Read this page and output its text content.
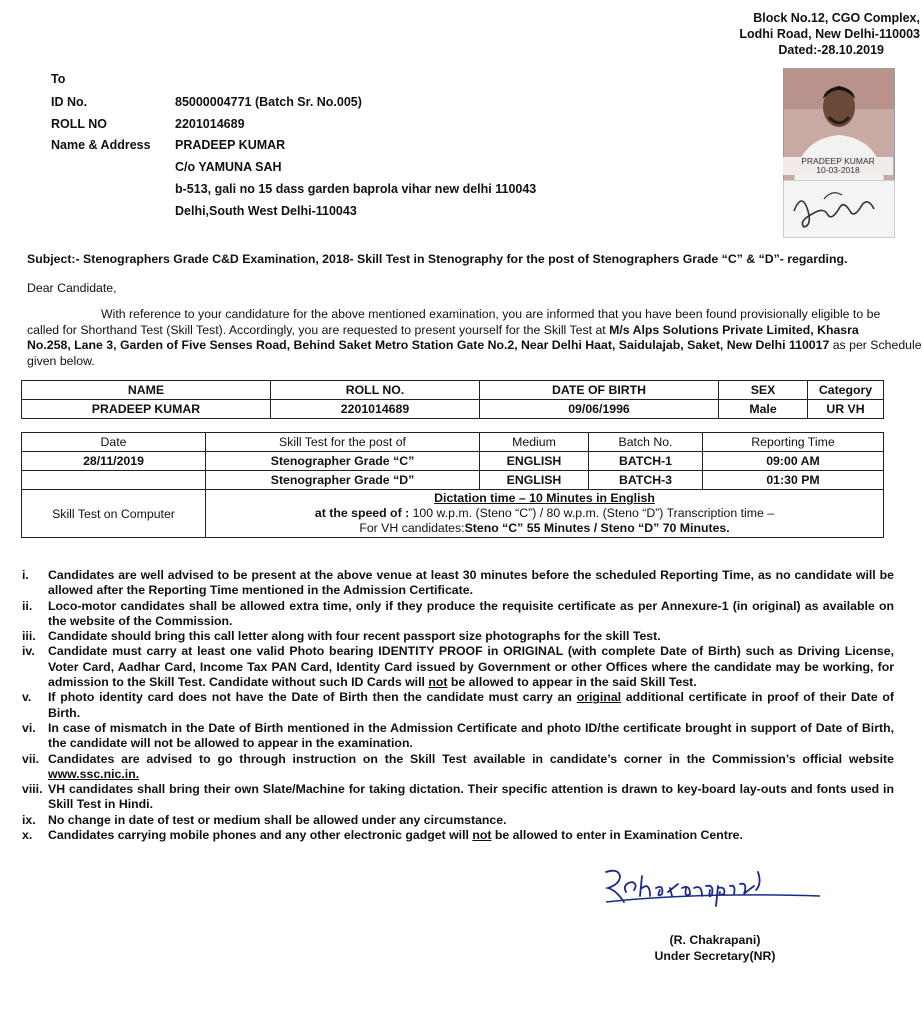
Block No.12, CGO Complex,
Lodhi Road, New Delhi-110003
Dated:-28.10.2019
To
ID No.	85000004771 (Batch Sr. No.005)
ROLL NO	2201014689
Name & Address PRADEEP KUMAR
C/o YAMUNA SAH
b-513, gali no 15 dass garden baprola vihar new delhi 110043
Delhi,South West Delhi-110043
PRADEEP KUMAR
10-03-2018
Subject:- Stenographers Grade C&D Examination, 2018- Skill Test in Stenography for the post of Stenographers Grade “C” & “D”- regarding.
Dear Candidate,
With reference to your candidature for the above mentioned examination, you are informed that you have been found provisionally eligible to be
called for Shorthand Test (Skill Test). Accordingly, you are requested to present yourself for the Skill Test at M/s Alps Solutions Private Limited, Khasra
No.258, Lane 3, Garden of Five Senses Road, Behind Saket Metro Station Gate No.2, Near Delhi Haat, Saidulajab, Saket, New Delhi 110017 as per Schedule
given below.
NAME	ROLL NO.	DATE OF BIRTH	SEX	Category
PRADEEP KUMAR	2201014689	09/06/1996	Male	UR VH
Date	Skill Test for the post of	Medium	Batch No.	Reporting Time
28/11/2019	Stenographer Grade “C”	ENGLISH	BATCH-1	09:00 AM
	Stenographer Grade “D”	ENGLISH	BATCH-3	01:30 PM
Skill Test on Computer	Dictation time – 10 Minutes in English
at the speed of : 100 w.p.m. (Steno “C”) / 80 w.p.m. (Steno “D”) Transcription time –
For VH candidates:Steno “C” 55 Minutes / Steno “D” 70 Minutes.			
i. Candidates are well advised to be present at the above venue at least 30 minutes before the scheduled Reporting Time, as no candidate will be allowed after the Reporting Time mentioned in the Admission Certificate.
ii. Loco-motor candidates shall be allowed extra time, only if they produce the requisite certificate as per Annexure-1 (in original) as available on the website of the Commission.
iii. Candidate should bring this call letter along with four recent passport size photographs for the skill Test.
iv. Candidate must carry at least one valid Photo bearing IDENTITY PROOF in ORIGINAL (with complete Date of Birth) such as Driving License, Voter Card, Aadhar Card, Income Tax PAN Card, Identity Card issued by Government or other Offices where the candidate may be working, for admission to the Skill Test. Candidate without such ID Cards will not be allowed to appear in the said Skill Test.
v. If photo identity card does not have the Date of Birth then the candidate must carry an original additional certificate in proof of their Date of Birth.
vi. In case of mismatch in the Date of Birth mentioned in the Admission Certificate and photo ID/the certificate brought in support of Date of Birth, the candidate will not be allowed to appear in the examination.
vii. Candidates are advised to go through instruction on the Skill Test available in candidate’s corner in the Commission’s official website www.ssc.nic.in.
viii. VH candidates shall bring their own Slate/Machine for taking dictation. Their specific attention is drawn to key-board lay-outs and fonts used in Skill Test in Hindi.
ix. No change in date of test or medium shall be allowed under any circumstance.
x. Candidates carrying mobile phones and any other electronic gadget will not be allowed to enter in Examination Centre.
(R. Chakrapani)
Under Secretary(NR)
